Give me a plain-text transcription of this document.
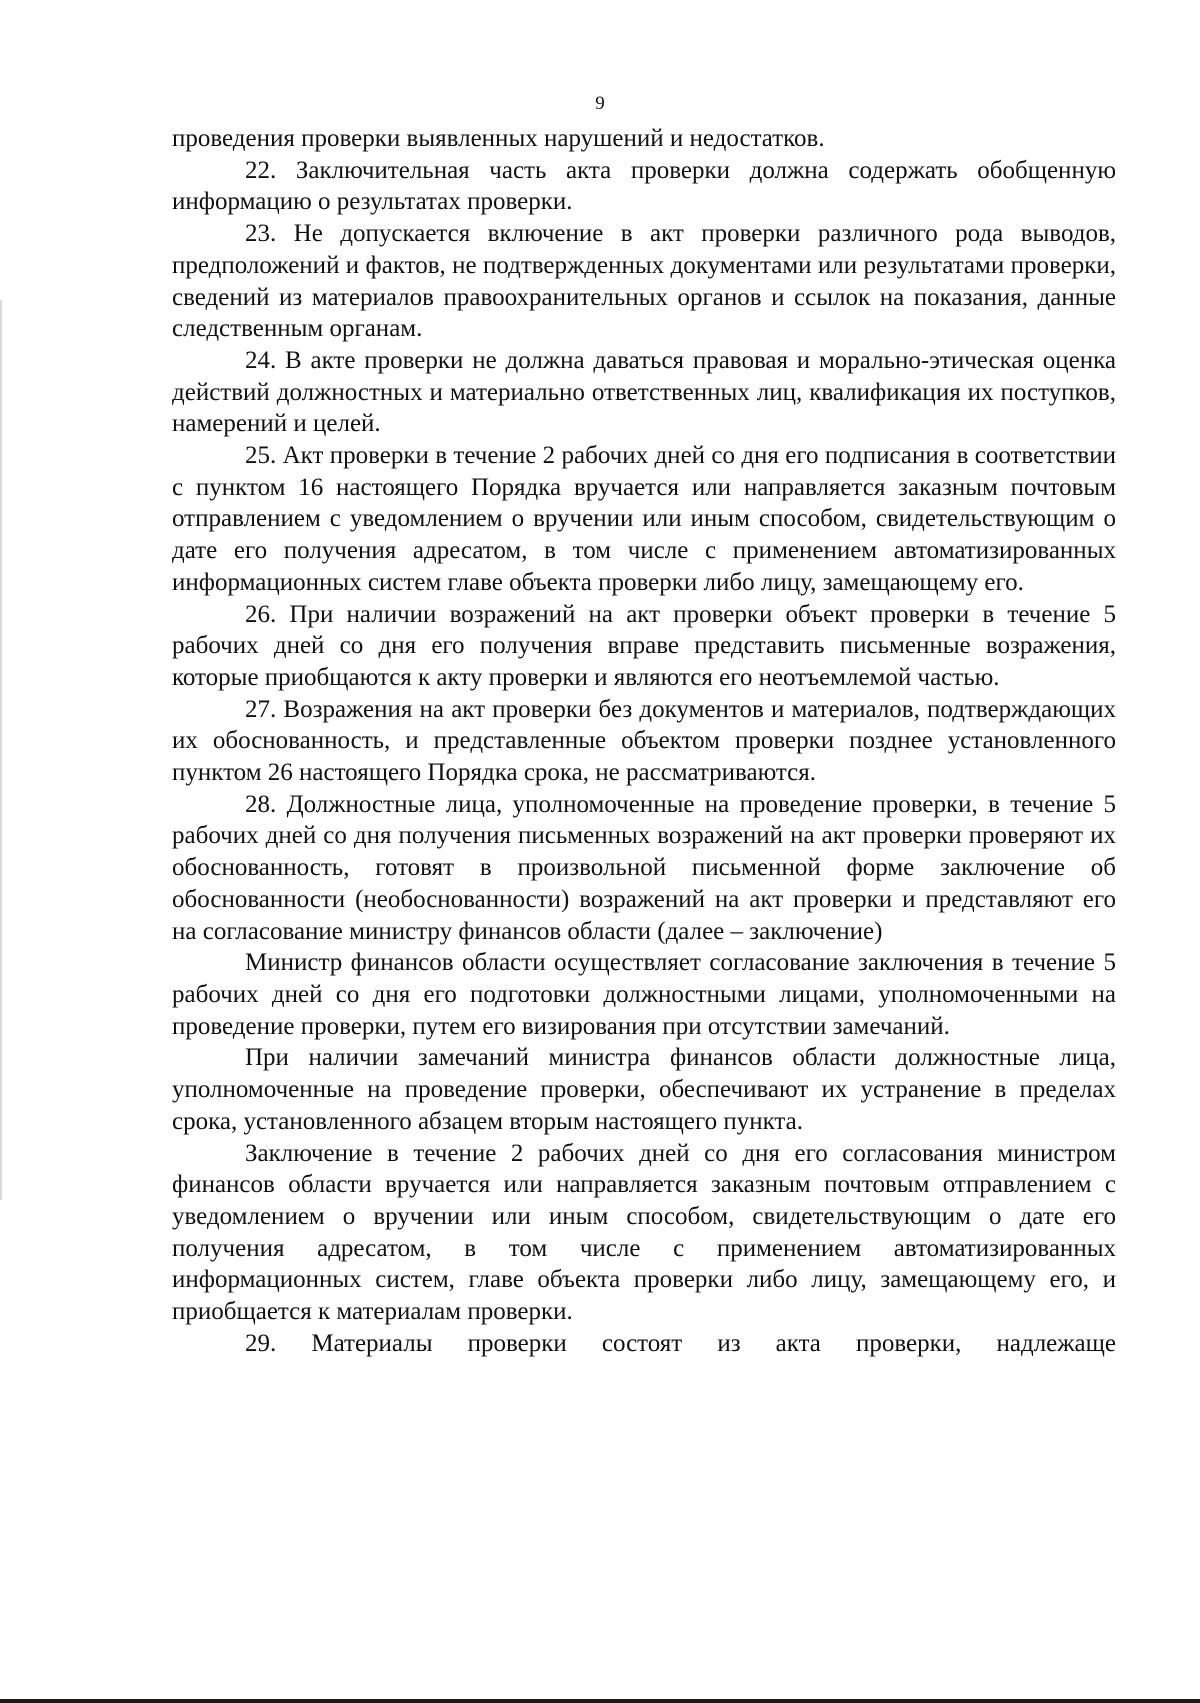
9

проведения проверки выявленных нарушений и недостатков.

22. Заключительная часть акта проверки должна содержать обобщенную информацию о результатах проверки.

23. Не допускается включение в акт проверки различного рода выводов, предположений и фактов, не подтвержденных документами или результатами проверки, сведений из материалов правоохранительных органов и ссылок на показания, данные следственным органам.

24. В акте проверки не должна даваться правовая и морально-этическая оценка действий должностных и материально ответственных лиц, квалификация их поступков, намерений и целей.

25. Акт проверки в течение 2 рабочих дней со дня его подписания в соответствии с пунктом 16 настоящего Порядка вручается или направляется заказным почтовым отправлением с уведомлением о вручении или иным способом, свидетельствующим о дате его получения адресатом, в том числе с применением автоматизированных информационных систем главе объекта проверки либо лицу, замещающему его.

26. При наличии возражений на акт проверки объект проверки в течение 5 рабочих дней со дня его получения вправе представить письменные возражения, которые приобщаются к акту проверки и являются его неотъемлемой частью.

27. Возражения на акт проверки без документов и материалов, подтверждающих их обоснованность, и представленные объектом проверки позднее установленного пунктом 26 настоящего Порядка срока, не рассматриваются.

28. Должностные лица, уполномоченные на проведение проверки, в течение 5 рабочих дней со дня получения письменных возражений на акт проверки проверяют их обоснованность, готовят в произвольной письменной форме заключение об обоснованности (необоснованности) возражений на акт проверки и представляют его на согласование министру финансов области (далее – заключение)

Министр финансов области осуществляет согласование заключения в течение 5 рабочих дней со дня его подготовки должностными лицами, уполномоченными на проведение проверки, путем его визирования при отсутствии замечаний.

При наличии замечаний министра финансов области должностные лица, уполномоченные на проведение проверки, обеспечивают их устранение в пределах срока, установленного абзацем вторым настоящего пункта.

Заключение в течение 2 рабочих дней со дня его согласования министром финансов области вручается или направляется заказным почтовым отправлением с уведомлением о вручении или иным способом, свидетельствующим о дате его получения адресатом, в том числе с применением автоматизированных информационных систем, главе объекта проверки либо лицу, замещающему его, и приобщается к материалам проверки.

29. Материалы проверки состоят из акта проверки, надлежаще
